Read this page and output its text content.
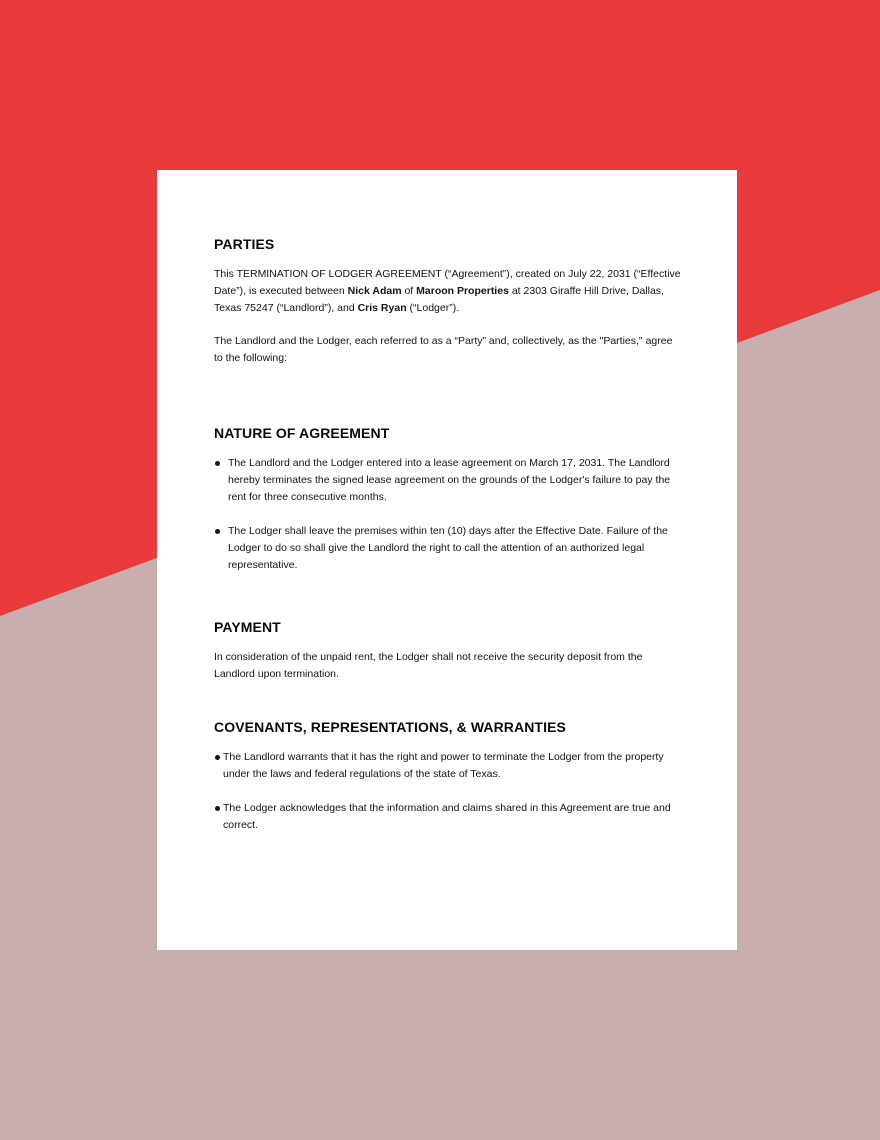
PARTIES

This TERMINATION OF LODGER AGREEMENT (“Agreement”), created on July 22, 2031 (“Effective Date”), is executed between Nick Adam of Maroon Properties at 2303 Giraffe Hill Drive, Dallas, Texas 75247 (“Landlord”), and Cris Ryan (“Lodger”).

The Landlord and the Lodger, each referred to as a “Party” and, collectively, as the "Parties," agree to the following:

NATURE OF AGREEMENT
The Landlord and the Lodger entered into a lease agreement on March 17, 2031. The Landlord hereby terminates the signed lease agreement on the grounds of the Lodger's failure to pay the rent for three consecutive months.
The Lodger shall leave the premises within ten (10) days after the Effective Date. Failure of the Lodger to do so shall give the Landlord the right to call the attention of an authorized legal representative.
PAYMENT

In consideration of the unpaid rent, the Lodger shall not receive the security deposit from the Landlord upon termination.

COVENANTS, REPRESENTATIONS, & WARRANTIES
The Landlord warrants that it has the right and power to terminate the Lodger from the property under the laws and federal regulations of the state of Texas.
The Lodger acknowledges that the information and claims shared in this Agreement are true and correct.
